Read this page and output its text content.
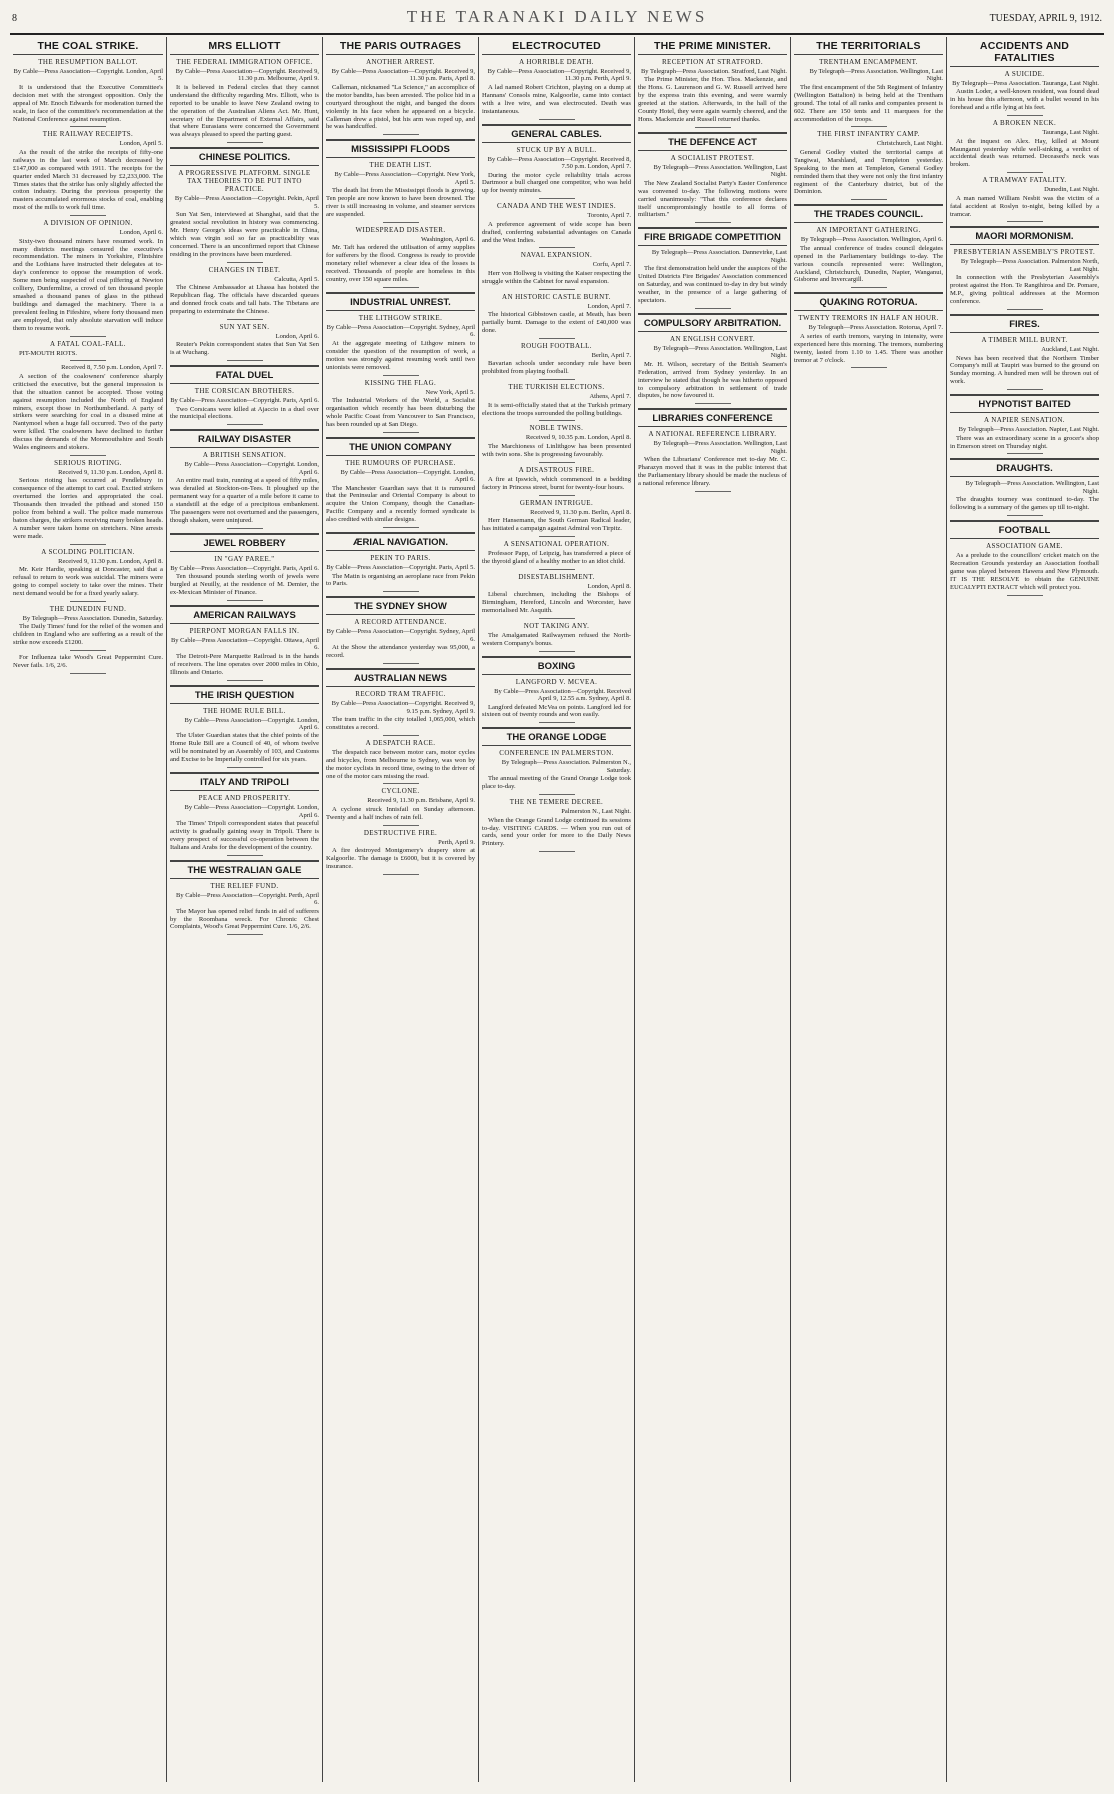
8	THE TARANAKI DAILY NEWS	TUESDAY, APRIL 9, 1912.
THE COAL STRIKE.
THE RESUMPTION BALLOT.
By Cable—Press Association—Copyright. London, April 5.

It is understood that the Executive Committee's decision met with the strongest opposition. Only the appeal of Mr. Enoch Edwards for moderation turned the scale, in face of the committee's recommendation at the National Conference against resumption.

THE RAILWAY RECEIPTS.
London, April 5.

As the result of the strike the receipts of fifty-one railways in the last week of March decreased by £147,000 as compared with 1911. The receipts for the quarter ended March 31 decreased by £2,233,000. The Times states that the strike has only slightly affected the cotton industry. During the previous prosperity the masters accumulated enormous stocks of coal, enabling most of the mills to work full time.

A DIVISION OF OPINION.
London, April 6.

Sixty-two thousand miners have resumed work. In many districts meetings censured the executive's recommendation. The miners in Yorkshire, Flintshire and the Lothians have instructed their delegates at to-day's conference to oppose the resumption of work. Some men being suspected of coal pilfering at Newton colliery, Dunfermline, a crowd of ten thousand people smashed a thousand panes of glass in the pithead buildings and damaged the machinery. There is a prevalent feeling in Fifeshire, where forty thousand men are employed, that only absolute starvation will induce them to resume work.

A FATAL COAL-FALL.

PIT-MOUTH RIOTS.

Received 8, 7.50 p.m. London, April 7.

A section of the coalowners' conference sharply criticised the executive, but the general impression is that the situation cannot be accepted. Those voting against resumption included the North of England miners, except those in Northumberland. A party of strikers were searching for coal in a disused mine at Nantymoel when a huge fall occurred. Two of the party were killed. The coalowners have declined to further discuss the demands of the Monmouthshire and South Wales engineers and stokers.

SERIOUS RIOTING.
Received 9, 11.30 p.m. London, April 8.

Serious rioting has occurred at Pendlebury in consequence of the attempt to cart coal. Excited strikers overturned the lorries and appropriated the coal. Thousands then invaded the pithead and stoned 150 police from behind a wall. The police made numerous baton charges, the strikers receiving many broken heads. A number were taken home on stretchers. Nine arrests were made.

A SCOLDING POLITICIAN.
Received 9, 11.30 p.m. London, April 8.

Mr. Keir Hardie, speaking at Doncaster, said that a refusal to return to work was suicidal. The miners were going to compel society to take over the mines. Their next demand would be for a fixed yearly salary.

THE DUNEDIN FUND.
By Telegraph—Press Association. Dunedin, Saturday.

The Daily Times' fund for the relief of the women and children in England who are suffering as a result of the strike now exceeds £1200.

For Influenza take Wood's Great Peppermint Cure. Never fails. 1/6, 2/6.

MRS ELLIOTT
THE FEDERAL IMMIGRATION OFFICE.
By Cable—Press Association—Copyright. Received 9, 11.30 p.m. Melbourne, April 9.

It is believed in Federal circles that they cannot understand the difficulty regarding Mrs. Elliott, who is reported to be unable to leave New Zealand owing to the operation of the Australian Aliens Act. Mr. Hunt, secretary of the Department of External Affairs, said that where Eurasians were concerned the Government was always pleased to speed the parting guest.

CHINESE POLITICS.
A PROGRESSIVE PLATFORM. SINGLE TAX THEORIES TO BE PUT INTO PRACTICE.
By Cable—Press Association—Copyright. Pekin, April 5.

Sun Yat Sen, interviewed at Shanghai, said that the greatest social revolution in history was commencing. Mr. Henry George's ideas were practicable in China, which was virgin soil so far as practicability was concerned. There is an unconfirmed report that Chinese residing in the provinces have been murdered.

CHANGES IN TIBET.
Calcutta, April 5.

The Chinese Ambassador at Lhassa has hoisted the Republican flag. The officials have discarded queues and donned frock coats and tall hats. The Tibetans are preparing to exterminate the Chinese.

SUN YAT SEN.
London, April 6.

Reuter's Pekin correspondent states that Sun Yat Sen is at Wuchang.

FATAL DUEL
THE CORSICAN BROTHERS.
By Cable—Press Association—Copyright. Paris, April 6.

Two Corsicans were killed at Ajaccio in a duel over the municipal elections.

RAILWAY DISASTER
A BRITISH SENSATION.
By Cable—Press Association—Copyright. London, April 6.

An entire mail train, running at a speed of fifty miles, was derailed at Stockton-on-Tees. It ploughed up the permanent way for a quarter of a mile before it came to a standstill at the edge of a precipitous embankment. The passengers were not overturned and the passengers, though shaken, were uninjured.

JEWEL ROBBERY
IN "GAY PAREE."
By Cable—Press Association—Copyright. Paris, April 6.

Ten thousand pounds sterling worth of jewels were burgled at Neuilly, at the residence of M. Demier, the ex-Mexican Minister of Finance.

AMERICAN RAILWAYS
PIERPONT MORGAN FALLS IN.
By Cable—Press Association—Copyright. Ottawa, April 6.

The Detroit-Pere Marquette Railroad is in the hands of receivers. The line operates over 2000 miles in Ohio, Illinois and Ontario.

THE IRISH QUESTION
THE HOME RULE BILL.
By Cable—Press Association—Copyright. London, April 6.

The Ulster Guardian states that the chief points of the Home Rule Bill are a Council of 40, of whom twelve will be nominated by an Assembly of 103, and Customs and Excise to be Imperially controlled for six years.

ITALY AND TRIPOLI
PEACE AND PROSPERITY.
By Cable—Press Association—Copyright. London, April 6.

The Times' Tripoli correspondent states that peaceful activity is gradually gaining sway in Tripoli. There is every prospect of successful co-operation between the Italians and Arabs for the development of the country.

THE WESTRALIAN GALE
THE RELIEF FUND.
By Cable—Press Association—Copyright. Perth, April 6.

The Mayor has opened relief funds in aid of sufferers by the Roombana wreck. For Chronic Chest Complaints, Wood's Great Peppermint Cure. 1/6, 2/6.

THE PARIS OUTRAGES
ANOTHER ARREST.
By Cable—Press Association—Copyright. Received 9, 11.30 p.m. Paris, April 8.

Calleman, nicknamed "La Science," an accomplice of the motor bandits, has been arrested. The police hid in a courtyard throughout the night, and banged the doors violently in his face when he appeared on a bicycle. Calleman drew a pistol, but his arm was roped up, and he was handcuffed.

MISSISSIPPI FLOODS
THE DEATH LIST.
By Cable—Press Association—Copyright. New York, April 5.

The death list from the Mississippi floods is growing. Ten people are now known to have been drowned. The river is still increasing in volume, and steamer services are suspended.

WIDESPREAD DISASTER.
Washington, April 6.

Mr. Taft has ordered the utilisation of army supplies for sufferers by the flood. Congress is ready to provide monetary relief whenever a clear idea of the losses is received. Thousands of people are homeless in this country, over 150 square miles.

INDUSTRIAL UNREST.
THE LITHGOW STRIKE.
By Cable—Press Association—Copyright. Sydney, April 6.

At the aggregate meeting of Lithgow miners to consider the question of the resumption of work, a motion was strongly against resuming work until two unionists were removed.

KISSING THE FLAG.
New York, April 5.

The Industrial Workers of the World, a Socialist organisation which recently has been disturbing the whole Pacific Coast from Vancouver to San Francisco, has been rounded up at San Diego.

THE UNION COMPANY
THE RUMOURS OF PURCHASE.
By Cable—Press Association—Copyright. London, April 6.

The Manchester Guardian says that it is rumoured that the Peninsular and Oriental Company is about to acquire the Union Company, though the Canadian-Pacific Company and a recently formed syndicate is also credited with similar designs.

ÆRIAL NAVIGATION.
PEKIN TO PARIS.
By Cable—Press Association—Copyright. Paris, April 5.

The Matin is organising an aeroplane race from Pekin to Paris.

THE SYDNEY SHOW
A RECORD ATTENDANCE.
By Cable—Press Association—Copyright. Sydney, April 6.

At the Show the attendance yesterday was 95,000, a record.

AUSTRALIAN NEWS
RECORD TRAM TRAFFIC.
By Cable—Press Association—Copyright. Received 9, 9.15 p.m. Sydney, April 9.

The tram traffic in the city totalled 1,065,000, which constitutes a record.

A DESPATCH RACE.

The despatch race between motor cars, motor cycles and bicycles, from Melbourne to Sydney, was won by the motor cyclists in record time, owing to the driver of one of the motor cars missing the road.

CYCLONE.
Received 9, 11.30 p.m. Brisbane, April 9.

A cyclone struck Innisfail on Sunday afternoon. Twenty and a half inches of rain fell.

DESTRUCTIVE FIRE.
Perth, April 9.

A fire destroyed Montgomery's drapery store at Kalgoorlie. The damage is £6000, but it is covered by insurance.

ELECTROCUTED
A HORRIBLE DEATH.
By Cable—Press Association—Copyright. Received 9, 11.30 p.m. Perth, April 9.

A lad named Robert Crichton, playing on a dump at Hannans' Consols mine, Kalgoorlie, came into contact with a live wire, and was electrocuted. Death was instantaneous.

GENERAL CABLES.
STUCK UP BY A BULL.
By Cable—Press Association—Copyright. Received 8, 7.50 p.m. London, April 7.

During the motor cycle reliability trials across Dartmoor a bull charged one competitor, who was held up for twenty minutes.

CANADA AND THE WEST INDIES.
Toronto, April 7.

A preference agreement of wide scope has been drafted, conferring substantial advantages on Canada and the West Indies.

NAVAL EXPANSION.
Corfu, April 7.

Herr von Hollweg is visiting the Kaiser respecting the struggle within the Cabinet for naval expansion.

AN HISTORIC CASTLE BURNT.
London, April 7.

The historical Gibbstown castle, at Meath, has been partially burnt. Damage to the extent of £40,000 was done.

ROUGH FOOTBALL.
Berlin, April 7.

Bavarian schools under secondary rule have been prohibited from playing football.

THE TURKISH ELECTIONS.
Athens, April 7.

It is semi-officially stated that at the Turkish primary elections the troops surrounded the polling buildings.

NOBLE TWINS.
Received 9, 10.35 p.m. London, April 8.

The Marchioness of Linlithgow has been presented with twin sons. She is progressing favourably.

A DISASTROUS FIRE.

A fire at Ipswich, which commenced in a bedding factory in Princess street, burnt for twenty-four hours.

GERMAN INTRIGUE.
Received 9, 11.30 p.m. Berlin, April 8.

Herr Hansemann, the South German Radical leader, has initiated a campaign against Admiral von Tirpitz.

A SENSATIONAL OPERATION.

Professor Papp, of Leipzig, has transferred a piece of the thyroid gland of a healthy mother to an idiot child.

DISESTABLISHMENT.
London, April 8.

Liberal churchmen, including the Bishops of Birmingham, Hereford, Lincoln and Worcester, have memorialised Mr. Asquith.

NOT TAKING ANY.

The Amalgamated Railwaymen refused the North-western Company's bonus.

BOXING
LANGFORD V. MCVEA.
By Cable—Press Association—Copyright. Received April 9, 12.55 a.m. Sydney, April 8.

Langford defeated McVea on points. Langford led for sixteen out of twenty rounds and won easily.

THE ORANGE LODGE
CONFERENCE IN PALMERSTON.
By Telegraph—Press Association. Palmerston N., Saturday.

The annual meeting of the Grand Orange Lodge took place to-day.

THE NE TEMERE DECREE.
Palmerston N., Last Night.

When the Orange Grand Lodge continued its sessions to-day. VISITING CARDS. — When you run out of cards, send your order for more to the Daily News Printery.

THE PRIME MINISTER.
RECEPTION AT STRATFORD.
By Telegraph—Press Association. Stratford, Last Night.

The Prime Minister, the Hon. Thos. Mackenzie, and the Hons. G. Laurenson and G. W. Russell arrived here by the express train this evening, and were warmly greeted at the station. Afterwards, in the hall of the County Hotel, they were again warmly cheered, and the Hons. Mackenzie and Russell returned thanks.

THE DEFENCE ACT
A SOCIALIST PROTEST.
By Telegraph—Press Association. Wellington, Last Night.

The New Zealand Socialist Party's Easter Conference was convened to-day. The following motions were carried unanimously: "That this conference declares itself uncompromisingly hostile to all forms of militarism."

FIRE BRIGADE COMPETITION
By Telegraph—Press Association. Dannevirke, Last Night.

The first demonstration held under the auspices of the United Districts Fire Brigades' Association commenced on Saturday, and was continued to-day in dry but windy weather, in the presence of a large gathering of spectators.

COMPULSORY ARBITRATION.
AN ENGLISH CONVERT.
By Telegraph—Press Association. Wellington, Last Night.

Mr. H. Wilson, secretary of the British Seamen's Federation, arrived from Sydney yesterday. In an interview he stated that though he was hitherto opposed to compulsory arbitration in settlement of trade disputes, he now favoured it.

LIBRARIES CONFERENCE
A NATIONAL REFERENCE LIBRARY.
By Telegraph—Press Association. Wellington, Last Night.

When the Librarians' Conference met to-day Mr. C. Pharazyn moved that it was in the public interest that the Parliamentary library should be made the nucleus of a national reference library.

THE TERRITORIALS
TRENTHAM ENCAMPMENT.
By Telegraph—Press Association. Wellington, Last Night.

The first encampment of the 5th Regiment of Infantry (Wellington Battalion) is being held at the Trentham ground. The total of all ranks and companies present is 602. There are 150 tents and 11 marquees for the accommodation of the troops.

THE FIRST INFANTRY CAMP.
Christchurch, Last Night.

General Godley visited the territorial camps at Tangiwai, Marshland, and Templeton yesterday. Speaking to the men at Templeton, General Godley reminded them that they were not only the first infantry regiment of the Canterbury district, but of the Dominion.

THE TRADES COUNCIL.
AN IMPORTANT GATHERING.
By Telegraph—Press Association. Wellington, April 6.

The annual conference of trades council delegates opened in the Parliamentary buildings to-day. The various councils represented were: Wellington, Auckland, Christchurch, Dunedin, Napier, Wanganui, Gisborne and Invercargill.

QUAKING ROTORUA.
TWENTY TREMORS IN HALF AN HOUR.
By Telegraph—Press Association. Rotorua, April 7.

A series of earth tremors, varying in intensity, were experienced here this morning. The tremors, numbering twenty, lasted from 1.10 to 1.45. There was another tremor at 7 o'clock.

ACCIDENTS AND FATALITIES
A SUICIDE.
By Telegraph—Press Association. Tauranga, Last Night.

Austin Loder, a well-known resident, was found dead in his house this afternoon, with a bullet wound in his forehead and a rifle lying at his feet.

A BROKEN NECK.
Tauranga, Last Night.

At the inquest on Alex. Hay, killed at Mount Maunganui yesterday while well-sinking, a verdict of accidental death was returned. Deceased's neck was broken.

A TRAMWAY FATALITY.
Dunedin, Last Night.

A man named William Nesbit was the victim of a fatal accident at Roslyn to-night, being killed by a tramcar.

MAORI MORMONISM.
PRESBYTERIAN ASSEMBLY'S PROTEST.
By Telegraph—Press Association. Palmerston North, Last Night.

In connection with the Presbyterian Assembly's protest against the Hon. Te Rangihiroa and Dr. Pomare, M.P., giving political addresses at the Mormon conference.

FIRES.
A TIMBER MILL BURNT.
Auckland, Last Night.

News has been received that the Northern Timber Company's mill at Taupiri was burned to the ground on Sunday morning. A hundred men will be thrown out of work.

HYPNOTIST BAITED
A NAPIER SENSATION.
By Telegraph—Press Association. Napier, Last Night.

There was an extraordinary scene in a grocer's shop in Emerson street on Thursday night.

DRAUGHTS.
By Telegraph—Press Association. Wellington, Last Night.

The draughts tourney was continued to-day. The following is a summary of the games up till to-night.

FOOTBALL
ASSOCIATION GAME.

As a prelude to the councillors' cricket match on the Recreation Grounds yesterday an Association football game was played between Hawera and New Plymouth. IT IS THE RESOLVE to obtain the GENUINE EUCALYPTI EXTRACT which will protect you.
